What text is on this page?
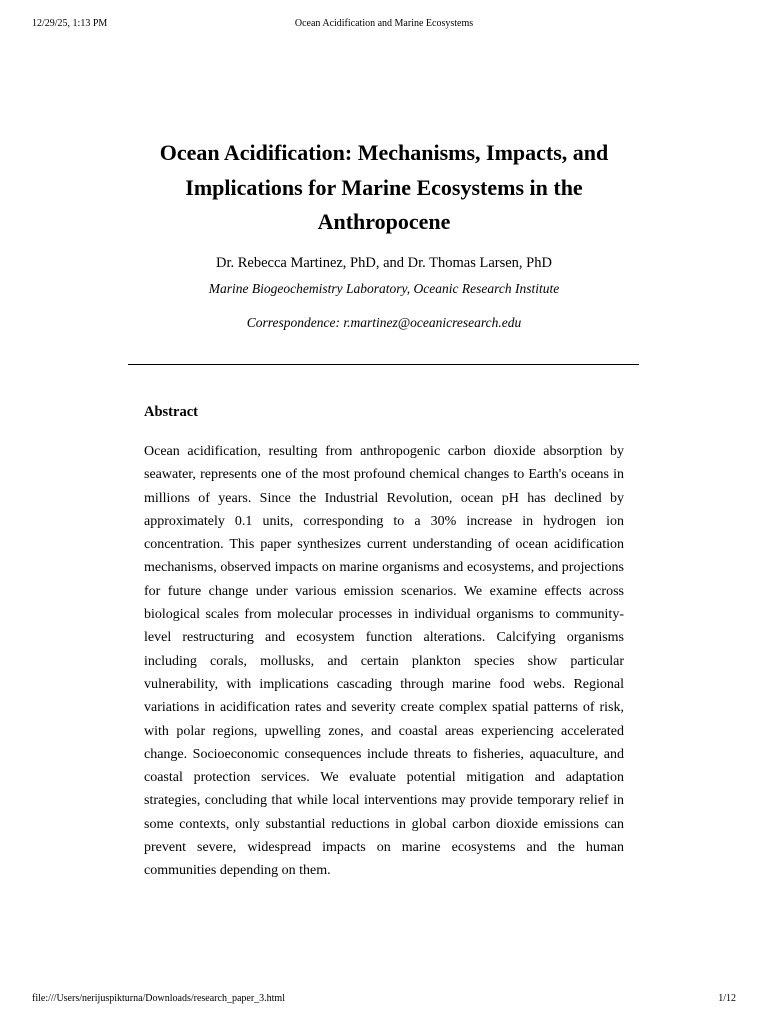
12/29/25, 1:13 PM	Ocean Acidification and Marine Ecosystems
Ocean Acidification: Mechanisms, Impacts, and Implications for Marine Ecosystems in the Anthropocene
Dr. Rebecca Martinez, PhD, and Dr. Thomas Larsen, PhD
Marine Biogeochemistry Laboratory, Oceanic Research Institute
Correspondence: r.martinez@oceanicresearch.edu
Abstract

Ocean acidification, resulting from anthropogenic carbon dioxide absorption by seawater, represents one of the most profound chemical changes to Earth's oceans in millions of years. Since the Industrial Revolution, ocean pH has declined by approximately 0.1 units, corresponding to a 30% increase in hydrogen ion concentration. This paper synthesizes current understanding of ocean acidification mechanisms, observed impacts on marine organisms and ecosystems, and projections for future change under various emission scenarios. We examine effects across biological scales from molecular processes in individual organisms to community-level restructuring and ecosystem function alterations. Calcifying organisms including corals, mollusks, and certain plankton species show particular vulnerability, with implications cascading through marine food webs. Regional variations in acidification rates and severity create complex spatial patterns of risk, with polar regions, upwelling zones, and coastal areas experiencing accelerated change. Socioeconomic consequences include threats to fisheries, aquaculture, and coastal protection services. We evaluate potential mitigation and adaptation strategies, concluding that while local interventions may provide temporary relief in some contexts, only substantial reductions in global carbon dioxide emissions can prevent severe, widespread impacts on marine ecosystems and the human communities depending on them.

file:///Users/nerijuspikturna/Downloads/research_paper_3.html	1/12
